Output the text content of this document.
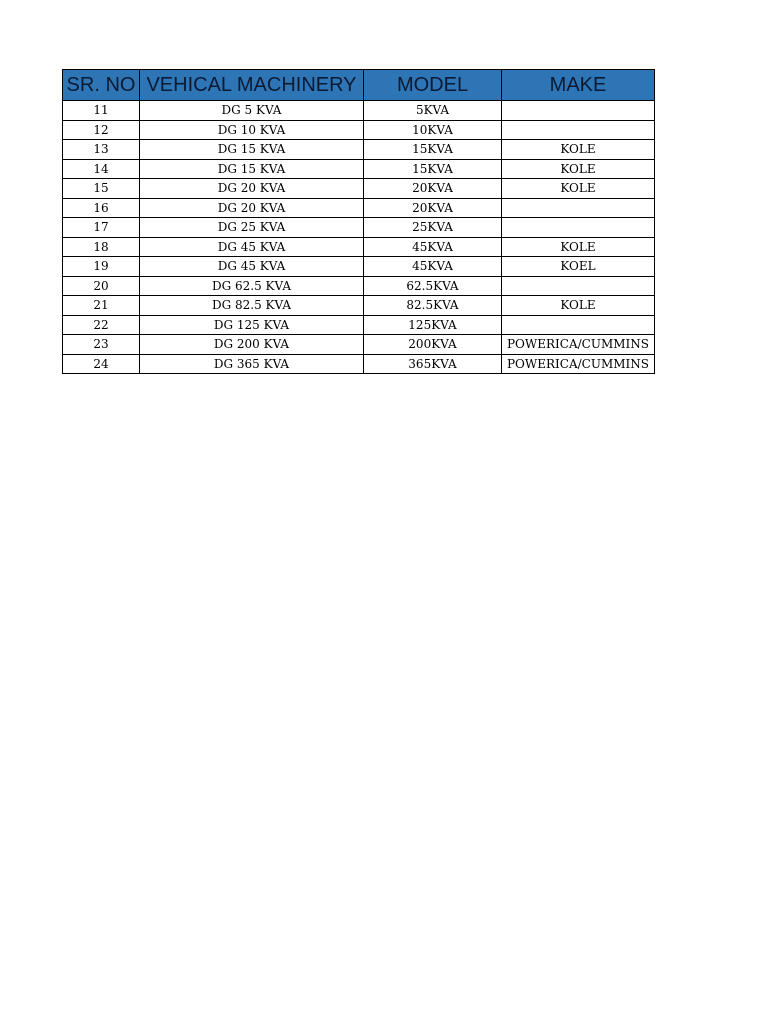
SR. NO	VEHICAL MACHINERY	MODEL	MAKE
11	DG 5 KVA	5KVA	
12	DG 10 KVA	10KVA	
13	DG 15 KVA	15KVA	KOLE
14	DG 15 KVA	15KVA	KOLE
15	DG 20 KVA	20KVA	KOLE
16	DG 20 KVA	20KVA	
17	DG 25 KVA	25KVA	
18	DG 45 KVA	45KVA	KOLE
19	DG 45 KVA	45KVA	KOEL
20	DG 62.5 KVA	62.5KVA	
21	DG 82.5 KVA	82.5KVA	KOLE
22	DG 125 KVA	125KVA	
23	DG 200 KVA	200KVA	POWERICA/CUMMINS
24	DG 365 KVA	365KVA	POWERICA/CUMMINS
